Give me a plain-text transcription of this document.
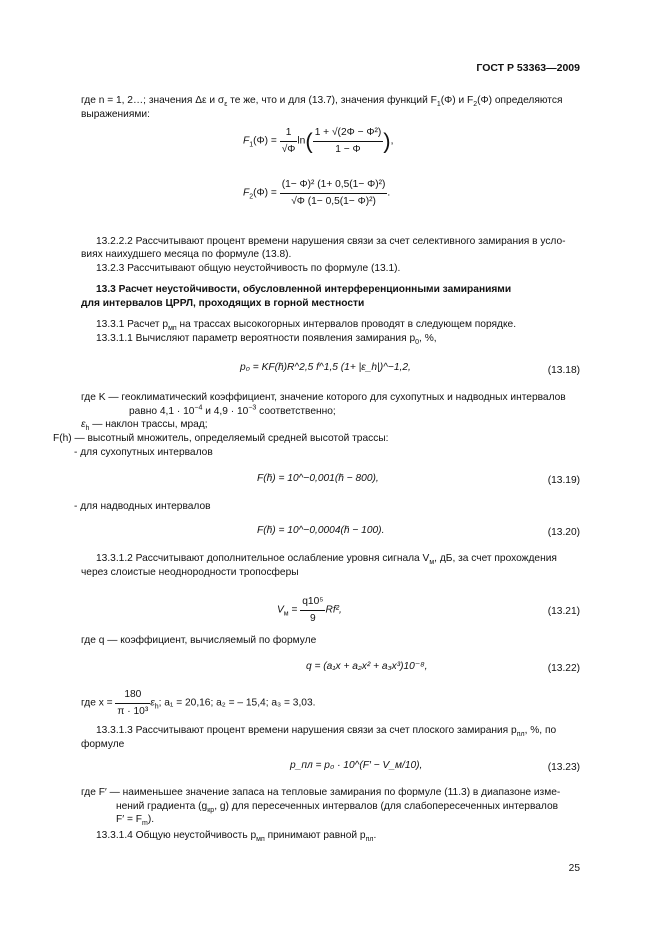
ГОСТ Р 53363—2009
где n = 1, 2…; значения Δε и $\sigma_\varepsilon$ те же, что и для (13.7), значения функций $F_1(\Phi)$ и $F_2(\Phi)$ определяются
выражениями:
$F_1(\Phi) = \frac{1}{√\Phi} \ln( \frac{\text{1 + √(2Φ − Φ²)}}{1 - \Phi}$ ),
$F_2(\Phi) = \frac{\text{(1− Φ)² (1+ 0,5(1− Φ)²)}}{\text{√Φ (1− 0,5(1− Φ)²)}}$ .
13.2.2.2 Рассчитывают процент времени нарушения связи за счет селективного замирания в усло-
виях наихудшего месяца по формуле (13.8).
13.2.3 Рассчитывают общую неустойчивость по формуле (13.1).
13.3 Расчет неустойчивости, обусловленной интерференционными замираниями
для интервалов ЦРРЛ, проходящих в горной местности
13.3.1 Расчет $p_{мп}$ на трассах высокогорных интервалов проводят в следующем порядке.
13.3.1.1 Вычисляют параметр вероятности появления замирания $p_0$, %,
p₀ = KF(h̄)R^2,5 f^1,5 (1+ |ε_h|)^−1,2,	(13.18)
где K — геоклиматический коэффициент, значение которого для сухопутных и надводных интервалов
равно $4,1 \cdot 10^{-4}$ и $4,9 \cdot 10^{-3}$ соответственно;
$\varepsilon_h$ — наклон трассы, мрад;
F(h) — высотный множитель, определяемый средней высотой трассы:
- для сухопутных интервалов
F(h̄) = 10^−0,001(h̄ − 800),	(13.19)
- для надводных интервалов
F(h̄) = 10^−0,0004(h̄ − 100).	(13.20)
13.3.1.2 Рассчитывают дополнительное ослабление уровня сигнала $V_м$, дБ, за счет прохождения
через слоистые неоднородности тропосферы
$V_м = \frac{\text{q10⁵}}{9} Rf^2$,	(13.21)
где q — коэффициент, вычисляемый по формуле
q = (a₁x + a₂x² + a₃x³)10⁻⁸,	(13.22)
где $x = \frac{180}{\text{π · 10³}} \varepsilon_h$; a₁ = 20,16; a₂ = – 15,4; a₃ = 3,03.
13.3.1.3 Рассчитывают процент времени нарушения связи за счет плоского замирания $p_{пл}$, %, по
формуле
p_пл = p₀ · 10^(F′ − V_м/10),	(13.23)
где F′ — наименьшее значение запаса на тепловые замирания по формуле (11.3) в диапазоне изме-
нений градиента ($g_{кр}$, g) для пересеченных интервалов (для слабопересеченных интервалов
$F' = F_m$).
13.3.1.4 Общую неустойчивость $p_{мп}$ принимают равной $p_{пл}$.
25
